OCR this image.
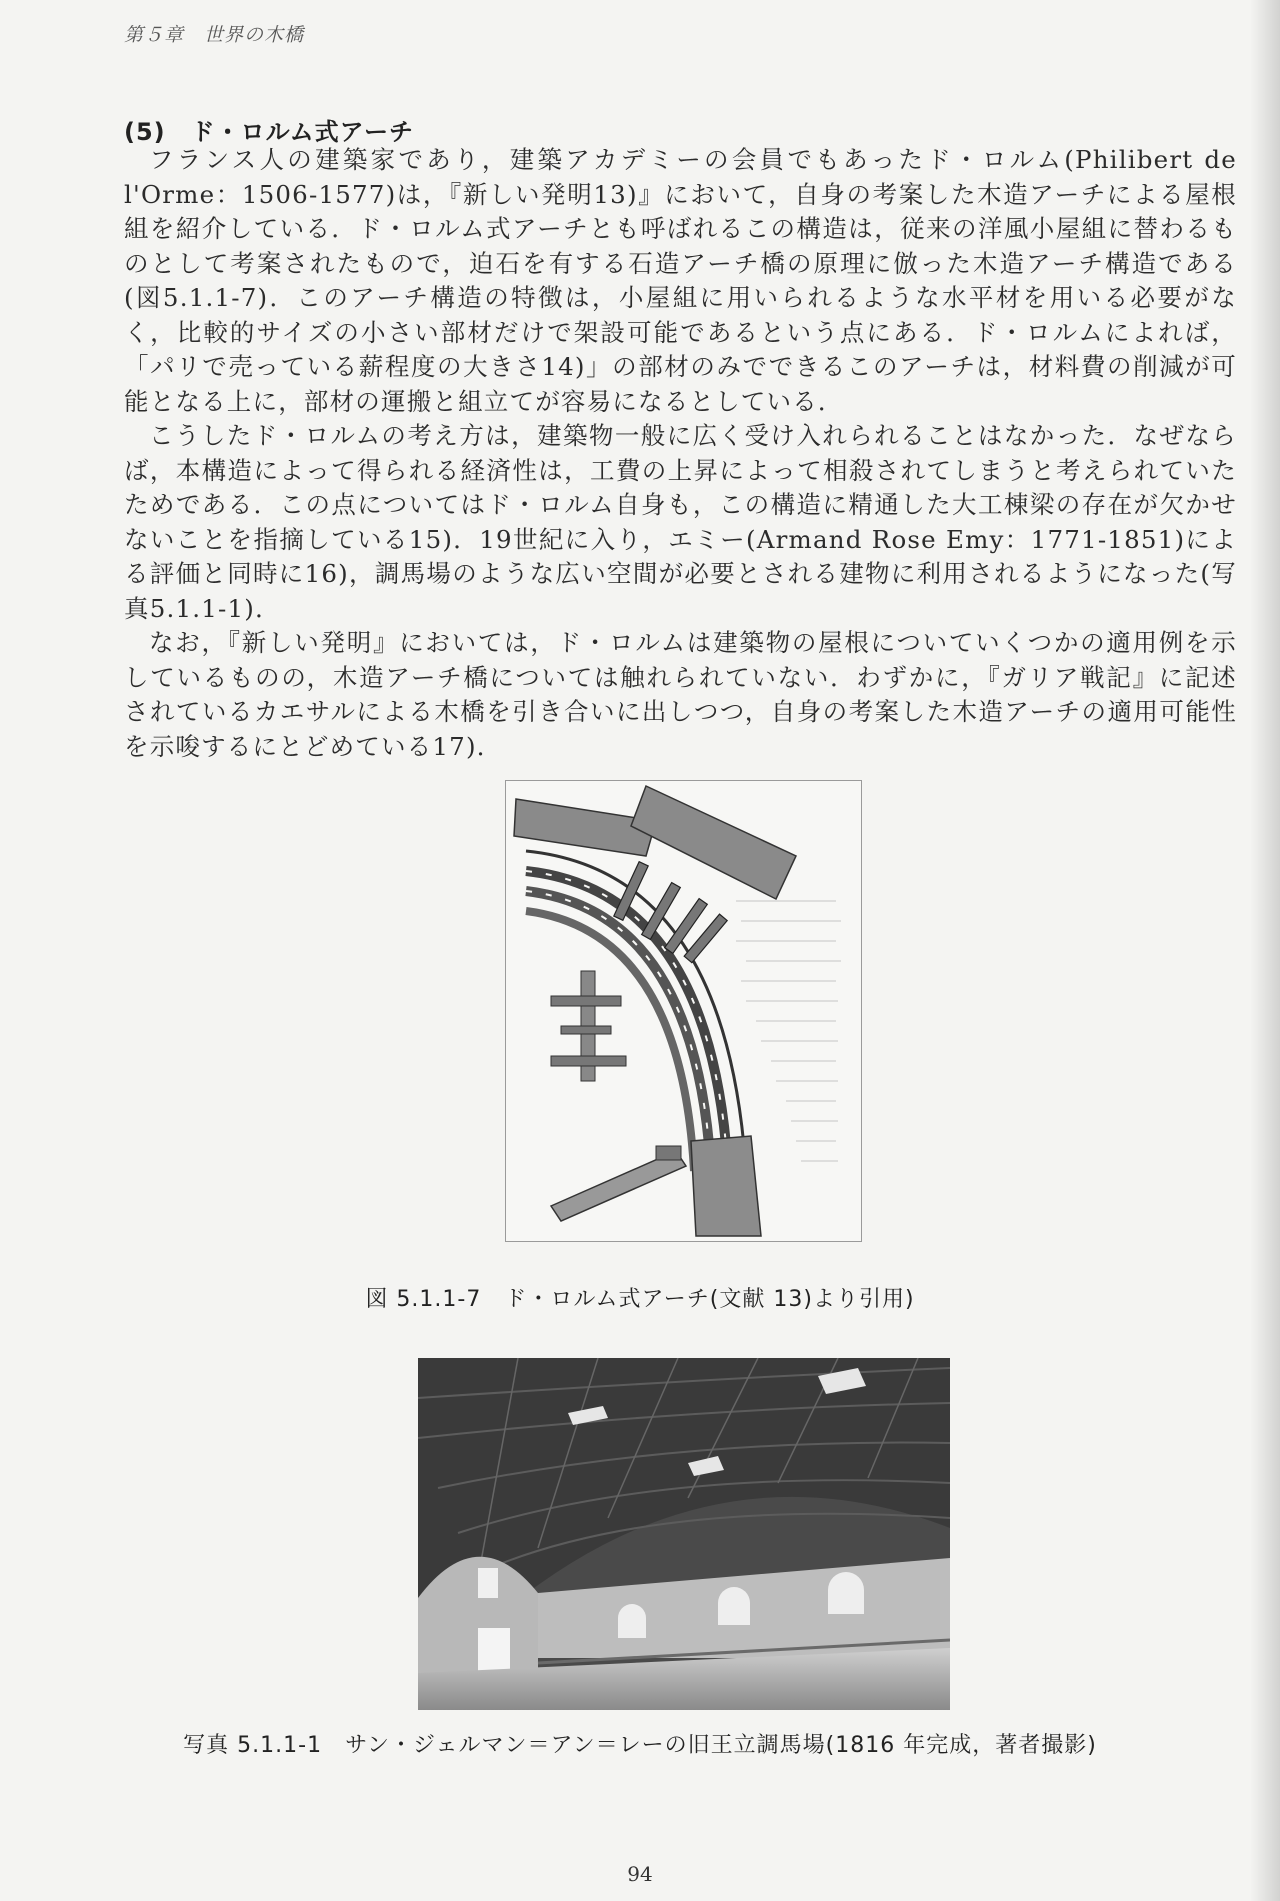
第５章　世界の木橋
(5)　ド・ロルム式アーチ

フランス人の建築家であり，建築アカデミーの会員でもあったド・ロルム(Philibert de l'Orme：1506-1577)は，『新しい発明13)』において，自身の考案した木造アーチによる屋根組を紹介している．ド・ロルム式アーチとも呼ばれるこの構造は，従来の洋風小屋組に替わるものとして考案されたもので，迫石を有する石造アーチ橋の原理に倣った木造アーチ構造である(図5.1.1-7)．このアーチ構造の特徴は，小屋組に用いられるような水平材を用いる必要がなく，比較的サイズの小さい部材だけで架設可能であるという点にある．ド・ロルムによれば，「パリで売っている薪程度の大きさ14)」の部材のみでできるこのアーチは，材料費の削減が可能となる上に，部材の運搬と組立てが容易になるとしている．

こうしたド・ロルムの考え方は，建築物一般に広く受け入れられることはなかった．なぜならば，本構造によって得られる経済性は，工費の上昇によって相殺されてしまうと考えられていたためである．この点についてはド・ロルム自身も，この構造に精通した大工棟梁の存在が欠かせないことを指摘している15)．19世紀に入り，エミー(Armand Rose Emy：1771-1851)による評価と同時に16)，調馬場のような広い空間が必要とされる建物に利用されるようになった(写真5.1.1-1)．

なお，『新しい発明』においては，ド・ロルムは建築物の屋根についていくつかの適用例を示しているものの，木造アーチ橋については触れられていない．わずかに，『ガリア戦記』に記述されているカエサルによる木橋を引き合いに出しつつ，自身の考案した木造アーチの適用可能性を示唆するにとどめている17)．

図 5.1.1-7　ド・ロルム式アーチ(文献 13)より引用)
写真 5.1.1-1　サン・ジェルマン＝アン＝レーの旧王立調馬場(1816 年完成，著者撮影)
94
